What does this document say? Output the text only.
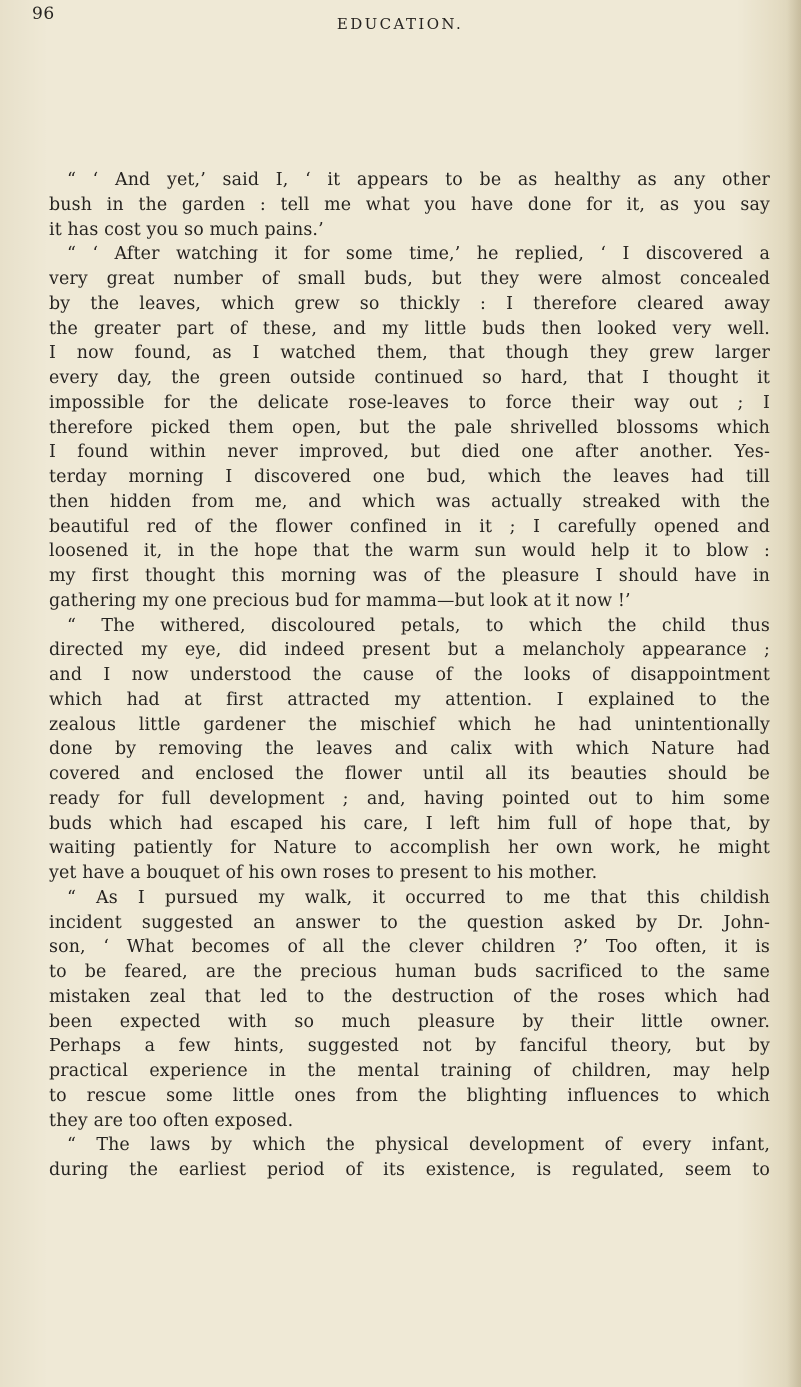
96	EDUCATION.

“ ‘ And yet,’ said I, ‘ it appears to be as healthy as any other
bush in the garden : tell me what you have done for it, as you say
it has cost you so much pains.’

“ ‘ After watching it for some time,’ he replied, ‘ I discovered a
very great number of small buds, but they were almost concealed
by the leaves, which grew so thickly : I therefore cleared away
the greater part of these, and my little buds then looked very well.
I now found, as I watched them, that though they grew larger
every day, the green outside continued so hard, that I thought it
impossible for the delicate rose-leaves to force their way out ; I
therefore picked them open, but the pale shrivelled blossoms which
I found within never improved, but died one after another. Yes-
terday morning I discovered one bud, which the leaves had till
then hidden from me, and which was actually streaked with the
beautiful red of the flower confined in it ; I carefully opened and
loosened it, in the hope that the warm sun would help it to blow :
my first thought this morning was of the pleasure I should have in
gathering my one precious bud for mamma—but look at it now !’

“ The withered, discoloured petals, to which the child thus
directed my eye, did indeed present but a melancholy appearance ;
and I now understood the cause of the looks of disappointment
which had at first attracted my attention. I explained to the
zealous little gardener the mischief which he had unintentionally
done by removing the leaves and calix with which Nature had
covered and enclosed the flower until all its beauties should be
ready for full development ; and, having pointed out to him some
buds which had escaped his care, I left him full of hope that, by
waiting patiently for Nature to accomplish her own work, he might
yet have a bouquet of his own roses to present to his mother.

“ As I pursued my walk, it occurred to me that this childish
incident suggested an answer to the question asked by Dr. John-
son, ‘ What becomes of all the clever children ?’ Too often, it is
to be feared, are the precious human buds sacrificed to the same
mistaken zeal that led to the destruction of the roses which had
been expected with so much pleasure by their little owner.
Perhaps a few hints, suggested not by fanciful theory, but by
practical experience in the mental training of children, may help
to rescue some little ones from the blighting influences to which
they are too often exposed.

“ The laws by which the physical development of every infant,
during the earliest period of its existence, is regulated, seem to
